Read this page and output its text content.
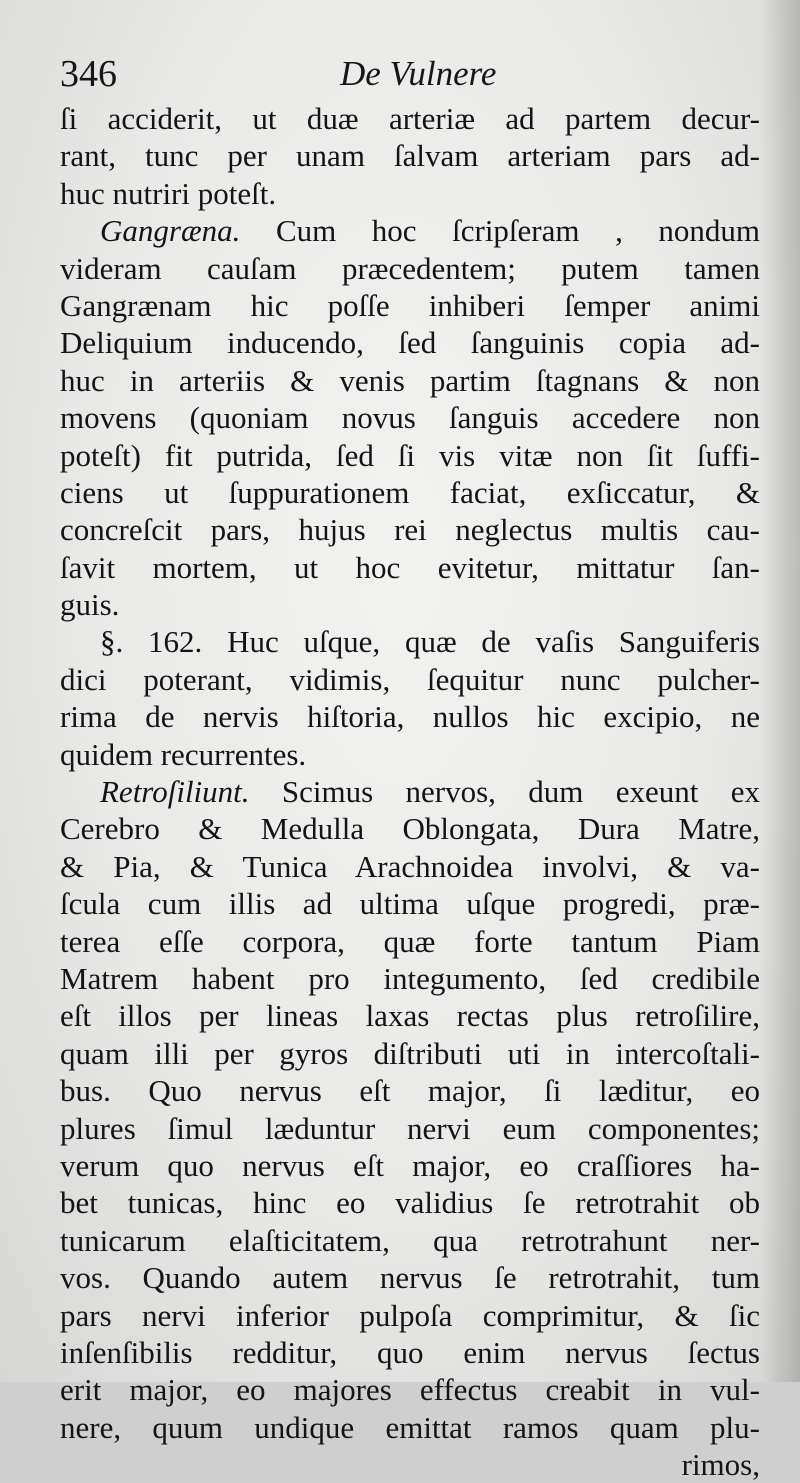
346	De Vulnere
ſi acciderit, ut duæ arteriæ ad partem decur-
rant, tunc per unam ſalvam arteriam pars ad-
huc nutriri poteſt.
Gangræna. Cum hoc ſcripſeram , nondum
videram cauſam præcedentem; putem tamen
Gangrænam hic poſſe inhiberi ſemper animi
Deliquium inducendo, ſed ſanguinis copia ad-
huc in arteriis & venis partim ſtagnans & non
movens (quoniam novus ſanguis accedere non
poteſt) fit putrida, ſed ſi vis vitæ non ſit ſuffi-
ciens ut ſuppurationem faciat, exſiccatur, &
concreſcit pars, hujus rei neglectus multis cau-
ſavit mortem, ut hoc evitetur, mittatur ſan-
guis.
§. 162. Huc uſque, quæ de vaſis Sanguiferis
dici poterant, vidimis, ſequitur nunc pulcher-
rima de nervis hiſtoria, nullos hic excipio, ne
quidem recurrentes.
Retroſiliunt. Scimus nervos, dum exeunt ex
Cerebro & Medulla Oblongata, Dura Matre,
& Pia, & Tunica Arachnoidea involvi, & va-
ſcula cum illis ad ultima uſque progredi, præ-
terea eſſe corpora, quæ forte tantum Piam
Matrem habent pro integumento, ſed credibile
eſt illos per lineas laxas rectas plus retroſilire,
quam illi per gyros diſtributi uti in intercoſtali-
bus. Quo nervus eſt major, ſi læditur, eo
plures ſimul læduntur nervi eum componentes;
verum quo nervus eſt major, eo craſſiores ha-
bet tunicas, hinc eo validius ſe retrotrahit ob
tunicarum elaſticitatem, qua retrotrahunt ner-
vos. Quando autem nervus ſe retrotrahit, tum
pars nervi inferior pulpoſa comprimitur, & ſic
inſenſibilis redditur, quo enim nervus ſectus
erit major, eo majores effectus creabit in vul-
nere, quum undique emittat ramos quam plu-
rimos,
